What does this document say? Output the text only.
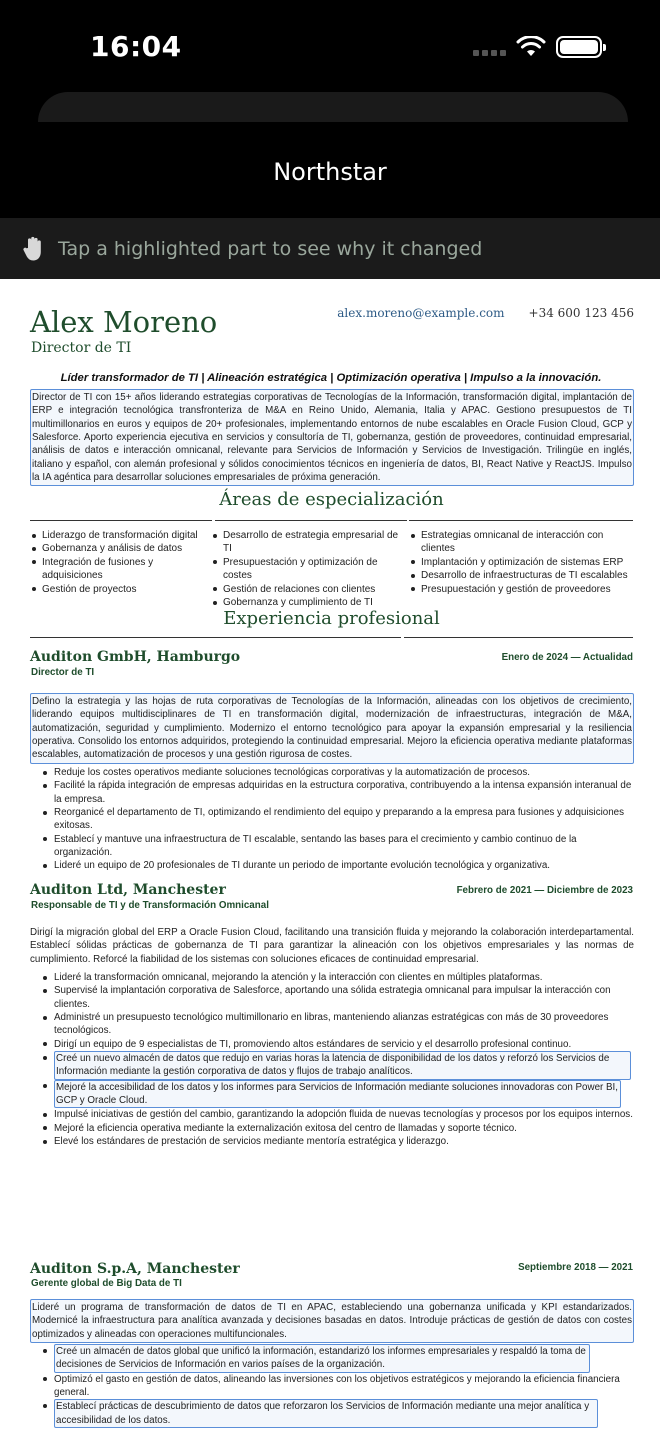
16:04
Northstar
Tap a highlighted part to see why it changed
Alex Moreno
Director de TI
alex.moreno@example.com +34 600 123 456
Líder transformador de TI | Alineación estratégica | Optimización operativa | Impulso a la innovación.
Director de TI con 15+ años liderando estrategias corporativas de Tecnologías de la Información, transformación digital, implantación de ERP e integración tecnológica transfronteriza de M&A en Reino Unido, Alemania, Italia y APAC. Gestiono presupuestos de TI multimillonarios en euros y equipos de 20+ profesionales, implementando entornos de nube escalables en Oracle Fusion Cloud, GCP y Salesforce. Aporto experiencia ejecutiva en servicios y consultoría de TI, gobernanza, gestión de proveedores, continuidad empresarial, análisis de datos e interacción omnicanal, relevante para Servicios de Información y Servicios de Investigación. Trilingüe en inglés, italiano y español, con alemán profesional y sólidos conocimientos técnicos en ingeniería de datos, BI, React Native y ReactJS. Impulso la IA agéntica para desarrollar soluciones empresariales de próxima generación.
Áreas de especialización
Liderazgo de transformación digital
Gobernanza y análisis de datos
Integración de fusiones y adquisiciones
Gestión de proyectos
Desarrollo de estrategia empresarial de TI
Presupuestación y optimización de costes
Gestión de relaciones con clientes
Gobernanza y cumplimiento de TI
Estrategias omnicanal de interacción con clientes
Implantación y optimización de sistemas ERP
Desarrollo de infraestructuras de TI escalables
Presupuestación y gestión de proveedores
Experiencia profesional
Auditon GmbH, Hamburgo	Enero de 2024 — Actualidad
Director de TI
Defino la estrategia y las hojas de ruta corporativas de Tecnologías de la Información, alineadas con los objetivos de crecimiento, liderando equipos multidisciplinares de TI en transformación digital, modernización de infraestructuras, integración de M&A, automatización, seguridad y cumplimiento. Modernizo el entorno tecnológico para apoyar la expansión empresarial y la resiliencia operativa. Consolido los entornos adquiridos, protegiendo la continuidad empresarial. Mejoro la eficiencia operativa mediante plataformas escalables, automatización de procesos y una gestión rigurosa de costes.
Reduje los costes operativos mediante soluciones tecnológicas corporativas y la automatización de procesos.
Facilité la rápida integración de empresas adquiridas en la estructura corporativa, contribuyendo a la intensa expansión interanual de la empresa.
Reorganicé el departamento de TI, optimizando el rendimiento del equipo y preparando a la empresa para fusiones y adquisiciones exitosas.
Establecí y mantuve una infraestructura de TI escalable, sentando las bases para el crecimiento y cambio continuo de la organización.
Lideré un equipo de 20 profesionales de TI durante un periodo de importante evolución tecnológica y organizativa.
Auditon Ltd, Manchester	Febrero de 2021 — Diciembre de 2023
Responsable de TI y de Transformación Omnicanal
Dirigí la migración global del ERP a Oracle Fusion Cloud, facilitando una transición fluida y mejorando la colaboración interdepartamental. Establecí sólidas prácticas de gobernanza de TI para garantizar la alineación con los objetivos empresariales y las normas de cumplimiento. Reforcé la fiabilidad de los sistemas con soluciones eficaces de continuidad empresarial.
Lideré la transformación omnicanal, mejorando la atención y la interacción con clientes en múltiples plataformas.
Supervisé la implantación corporativa de Salesforce, aportando una sólida estrategia omnicanal para impulsar la interacción con clientes.
Administré un presupuesto tecnológico multimillonario en libras, manteniendo alianzas estratégicas con más de 30 proveedores tecnológicos.
Dirigí un equipo de 9 especialistas de TI, promoviendo altos estándares de servicio y el desarrollo profesional continuo.
Creé un nuevo almacén de datos que redujo en varias horas la latencia de disponibilidad de los datos y reforzó los Servicios de Información mediante la gestión corporativa de datos y flujos de trabajo analíticos.
Mejoré la accesibilidad de los datos y los informes para Servicios de Información mediante soluciones innovadoras con Power BI, GCP y Oracle Cloud.
Impulsé iniciativas de gestión del cambio, garantizando la adopción fluida de nuevas tecnologías y procesos por los equipos internos.
Mejoré la eficiencia operativa mediante la externalización exitosa del centro de llamadas y soporte técnico.
Elevé los estándares de prestación de servicios mediante mentoría estratégica y liderazgo.
Auditon S.p.A, Manchester	Septiembre 2018 — 2021
Gerente global de Big Data de TI
Lideré un programa de transformación de datos de TI en APAC, estableciendo una gobernanza unificada y KPI estandarizados. Modernicé la infraestructura para analítica avanzada y decisiones basadas en datos. Introduje prácticas de gestión de datos con costes optimizados y alineadas con operaciones multifuncionales.
Creé un almacén de datos global que unificó la información, estandarizó los informes empresariales y respaldó la toma de decisiones de Servicios de Información en varios países de la organización.
Optimizó el gasto en gestión de datos, alineando las inversiones con los objetivos estratégicos y mejorando la eficiencia financiera general.
Establecí prácticas de descubrimiento de datos que reforzaron los Servicios de Información mediante una mejor analítica y accesibilidad de los datos.
